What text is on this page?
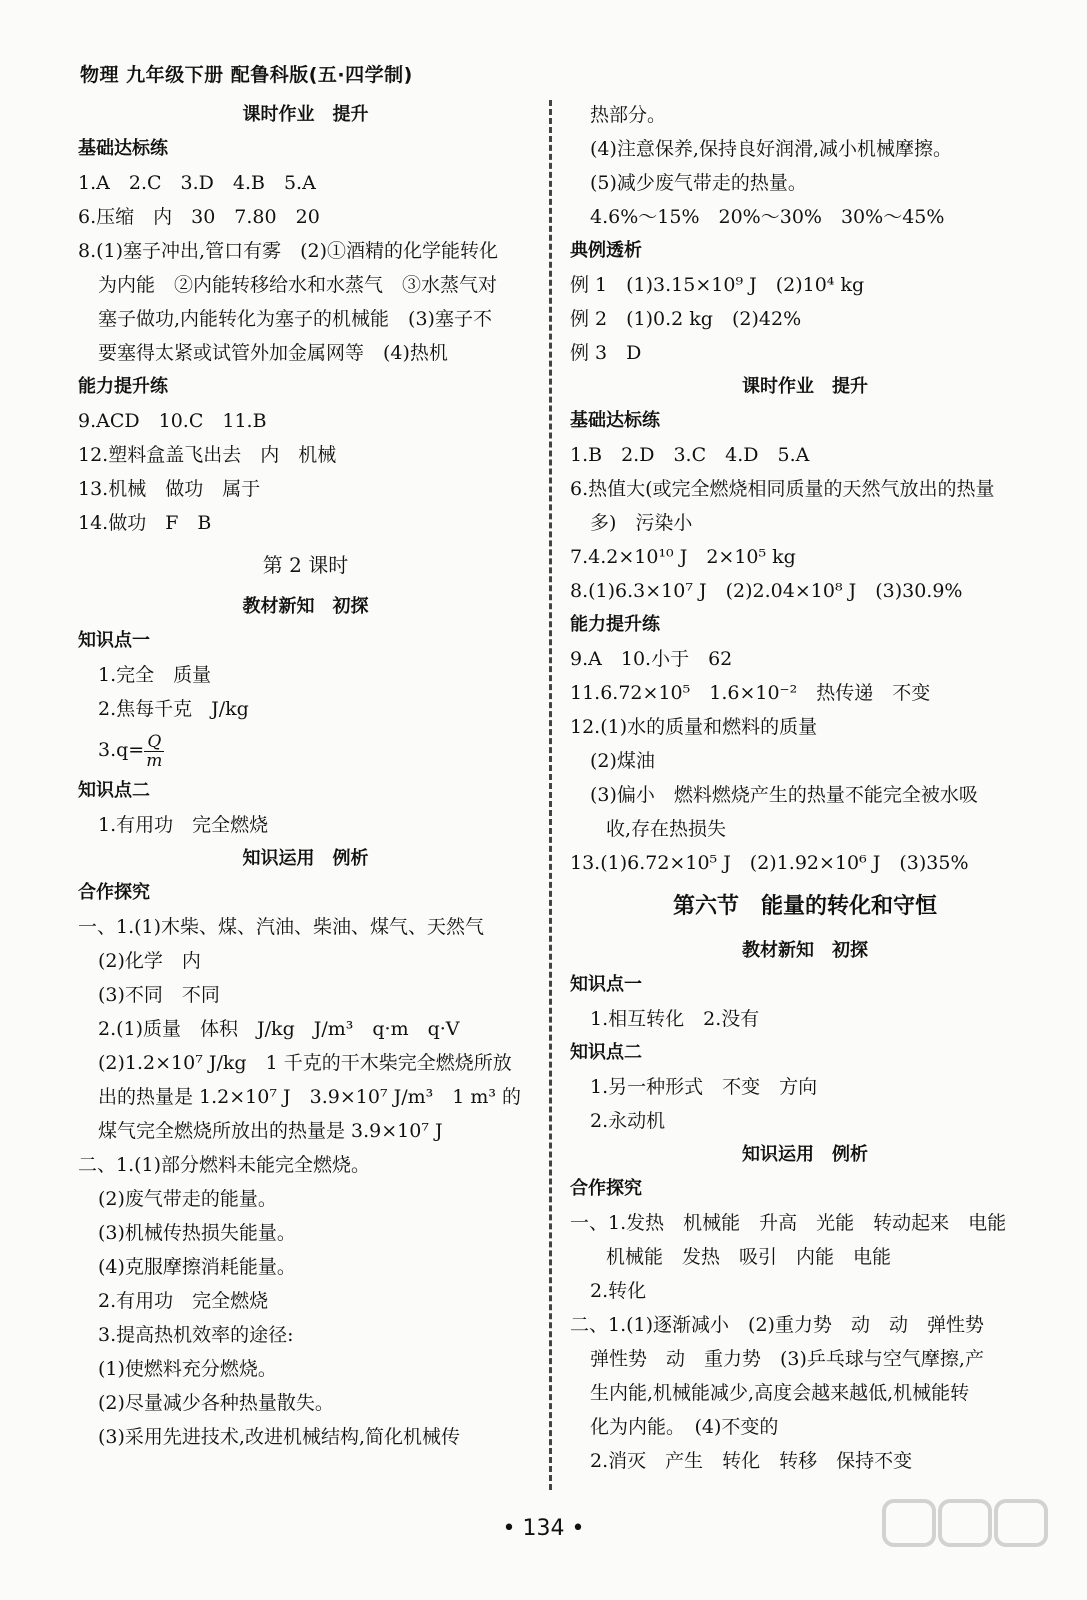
物理 九年级下册 配鲁科版(五·四学制)
课时作业　提升
基础达标练
1.A　2.C　3.D　4.B　5.A
6.压缩　内　30　7.80　20
8.(1)塞子冲出,管口有雾　(2)①酒精的化学能转化
为内能　②内能转移给水和水蒸气　③水蒸气对
塞子做功,内能转化为塞子的机械能　(3)塞子不
要塞得太紧或试管外加金属网等　(4)热机
能力提升练
9.ACD　10.C　11.B
12.塑料盒盖飞出去　内　机械
13.机械　做功　属于
14.做功　F　B
第 2 课时
教材新知　初探
知识点一
1.完全　质量
2.焦每千克　J/kg
$3.q= \frac{Q}{m}$
知识点二
1.有用功　完全燃烧
知识运用　例析
合作探究
一、1.(1)木柴、煤、汽油、柴油、煤气、天然气
(2)化学　内
(3)不同　不同
2.(1)质量　体积　J/kg　J/m³　q·m　q·V
(2)1.2×10⁷ J/kg　1 千克的干木柴完全燃烧所放
出的热量是 1.2×10⁷ J　3.9×10⁷ J/m³　1 m³ 的
煤气完全燃烧所放出的热量是 3.9×10⁷ J
二、1.(1)部分燃料未能完全燃烧。
(2)废气带走的能量。
(3)机械传热损失能量。
(4)克服摩擦消耗能量。
2.有用功　完全燃烧
3.提高热机效率的途径:
(1)使燃料充分燃烧。
(2)尽量减少各种热量散失。
(3)采用先进技术,改进机械结构,简化机械传
热部分。
(4)注意保养,保持良好润滑,减小机械摩擦。
(5)减少废气带走的热量。
4.6%～15%　20%～30%　30%～45%
典例透析
例 1　(1)3.15×10⁹ J　(2)10⁴ kg
例 2　(1)0.2 kg　(2)42%
例 3　D
课时作业　提升
基础达标练
1.B　2.D　3.C　4.D　5.A
6.热值大(或完全燃烧相同质量的天然气放出的热量
多)　污染小
7.4.2×10¹⁰ J　2×10⁵ kg
8.(1)6.3×10⁷ J　(2)2.04×10⁸ J　(3)30.9%
能力提升练
9.A　10.小于　62
11.6.72×10⁵　1.6×10⁻²　热传递　不变
12.(1)水的质量和燃料的质量
(2)煤油
(3)偏小　燃料燃烧产生的热量不能完全被水吸
收,存在热损失
13.(1)6.72×10⁵ J　(2)1.92×10⁶ J　(3)35%
第六节　能量的转化和守恒
教材新知　初探
知识点一
1.相互转化　2.没有
知识点二
1.另一种形式　不变　方向
2.永动机
知识运用　例析
合作探究
一、1.发热　机械能　升高　光能　转动起来　电能
机械能　发热　吸引　内能　电能
2.转化
二、1.(1)逐渐减小　(2)重力势　动　动　弹性势
弹性势　动　重力势　(3)乒乓球与空气摩擦,产
生内能,机械能减少,高度会越来越低,机械能转
化为内能。　(4)不变的
2.消灭　产生　转化　转移　保持不变
• 134 •
